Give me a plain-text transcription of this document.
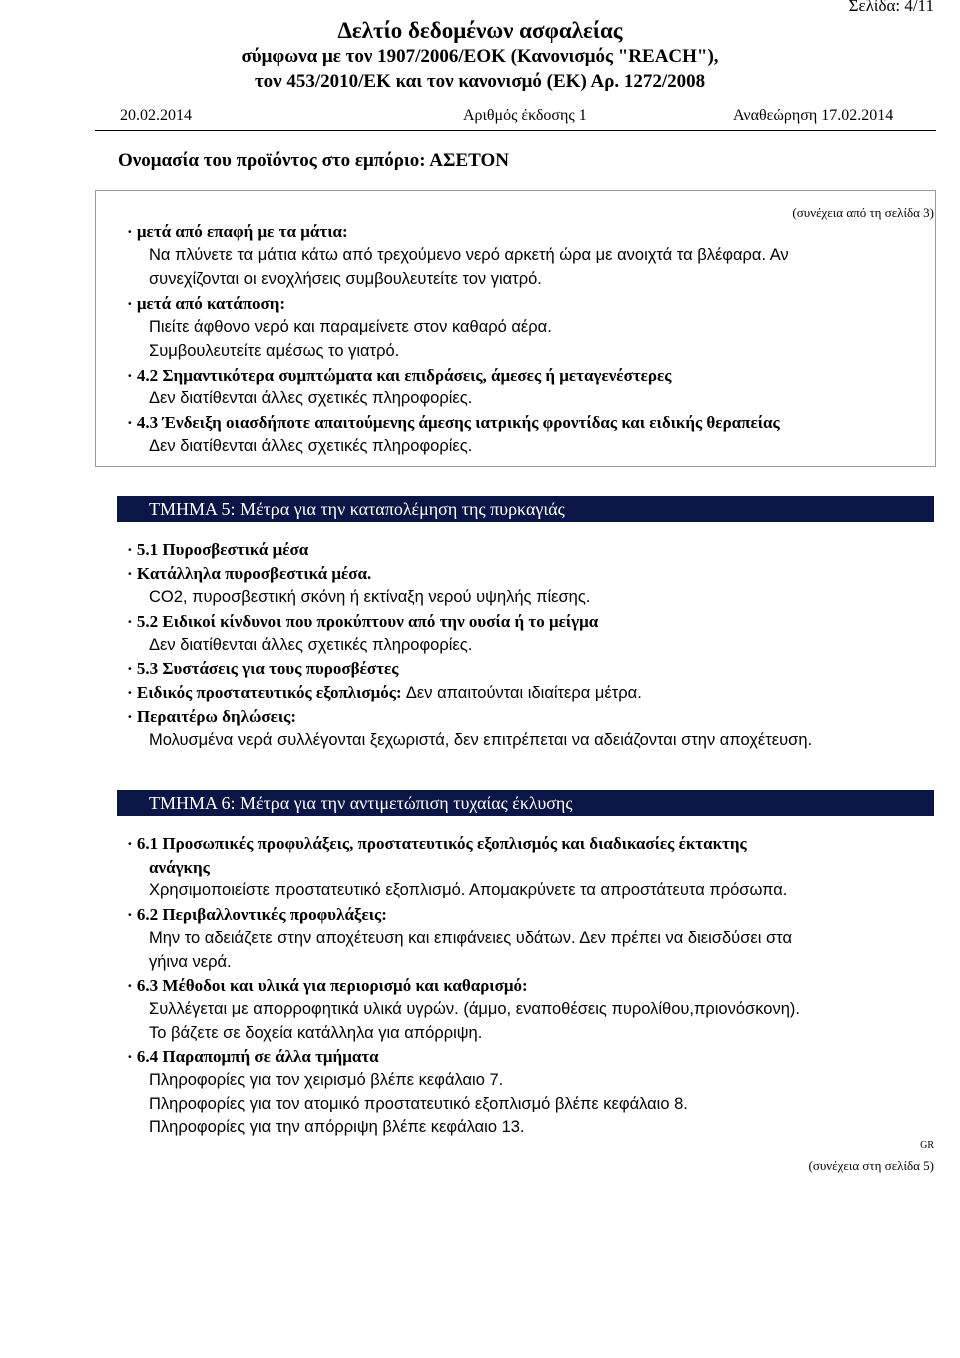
Σελίδα: 4/11
Δελτίο δεδομένων ασφαλείας
σύμφωνα με τον 1907/2006/ΕΟΚ (Κανονισμός "REACH"),
τον 453/2010/ΕΚ και τον κανονισμό (ΕΚ) Αρ. 1272/2008
20.02.2014	Αριθμός έκδοσης 1	Αναθεώρηση 17.02.2014
Ονομασία του προϊόντος στο εμπόριο: ΑΣΕΤΟΝ
(συνέχεια από τη σελίδα 3)
· μετά από επαφή με τα μάτια:
Να πλύνετε τα μάτια κάτω από τρεχούμενο νερό αρκετή ώρα με ανοιχτά τα βλέφαρα. Αν
συνεχίζονται οι ενοχλήσεις συμβουλευτείτε τον γιατρό.
· μετά από κατάποση:
Πιείτε άφθονο νερό και παραμείνετε στον καθαρό αέρα.
Συμβουλευτείτε αμέσως το γιατρό.
· 4.2 Σημαντικότερα συμπτώματα και επιδράσεις, άμεσες ή μεταγενέστερες
Δεν διατίθενται άλλες σχετικές πληροφορίες.
· 4.3 Ένδειξη οιασδήποτε απαιτούμενης άμεσης ιατρικής φροντίδας και ειδικής θεραπείας
Δεν διατίθενται άλλες σχετικές πληροφορίες.
ΤΜΗΜΑ 5: Μέτρα για την καταπολέμηση της πυρκαγιάς
· 5.1 Πυροσβεστικά μέσα
· Κατάλληλα πυροσβεστικά μέσα.
CO2, πυροσβεστική σκόνη ή εκτίναξη νερού υψηλής πίεσης.
· 5.2 Ειδικοί κίνδυνοι που προκύπτουν από την ουσία ή το μείγμα
Δεν διατίθενται άλλες σχετικές πληροφορίες.
· 5.3 Συστάσεις για τους πυροσβέστες
· Ειδικός προστατευτικός εξοπλισμός: Δεν απαιτούνται ιδιαίτερα μέτρα.
· Περαιτέρω δηλώσεις:
Μολυσμένα νερά συλλέγονται ξεχωριστά, δεν επιτρέπεται να αδειάζονται στην αποχέτευση.
ΤΜΗΜΑ 6: Μέτρα για την αντιμετώπιση τυχαίας έκλυσης
· 6.1 Προσωπικές προφυλάξεις, προστατευτικός εξοπλισμός και διαδικασίες έκτακτης
ανάγκης
Χρησιμοποιείστε προστατευτικό εξοπλισμό. Απομακρύνετε τα απροστάτευτα πρόσωπα.
· 6.2 Περιβαλλοντικές προφυλάξεις:
Μην το αδειάζετε στην αποχέτευση και επιφάνειες υδάτων. Δεν πρέπει να διεισδύσει στα
γήινα νερά.
· 6.3 Μέθοδοι και υλικά για περιορισμό και καθαρισμό:
Συλλέγεται με απορροφητικά υλικά υγρών. (άμμο, εναποθέσεις πυρολίθου,πριονόσκονη).
Το βάζετε σε δοχεία κατάλληλα για απόρριψη.
· 6.4 Παραπομπή σε άλλα τμήματα
Πληροφορίες για τον χειρισμό βλέπε κεφάλαιο 7.
Πληροφορίες για τον ατομικό προστατευτικό εξοπλισμό βλέπε κεφάλαιο 8.
Πληροφορίες για την απόρριψη βλέπε κεφάλαιο 13.
GR
(συνέχεια στη σελίδα 5)
